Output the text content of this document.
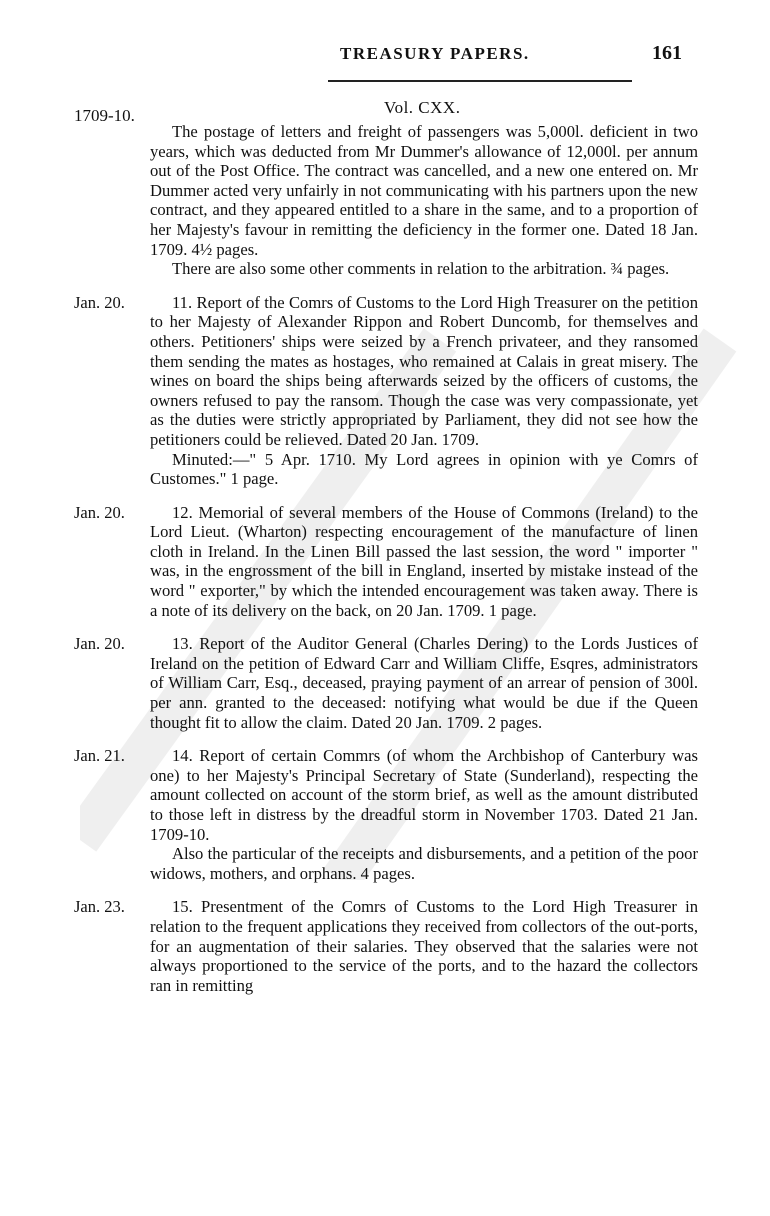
TREASURY PAPERS.	161
1709-10.	Vol. CXX.

The postage of letters and freight of passengers was 5,000l. deficient in two years, which was deducted from Mr Dummer's allowance of 12,000l. per annum out of the Post Office. The contract was cancelled, and a new one entered on. Mr Dummer acted very unfairly in not communicating with his partners upon the new contract, and they appeared entitled to a share in the same, and to a proportion of her Majesty's favour in remitting the deficiency in the former one. Dated 18 Jan. 1709. 4½ pages.

There are also some other comments in relation to the arbitration. ¾ pages.

Jan. 20.	11. Report of the Comrs of Customs to the Lord High Treasurer on the petition to her Majesty of Alexander Rippon and Robert Duncomb, for themselves and others. Petitioners' ships were seized by a French privateer, and they ransomed them sending the mates as hostages, who remained at Calais in great misery. The wines on board the ships being afterwards seized by the officers of customs, the owners refused to pay the ransom. Though the case was very compassionate, yet as the duties were strictly appropriated by Parliament, they did not see how the petitioners could be relieved. Dated 20 Jan. 1709.

Minuted:—" 5 Apr. 1710. My Lord agrees in opinion with ye Comrs of Customes." 1 page.

Jan. 20.	12. Memorial of several members of the House of Commons (Ireland) to the Lord Lieut. (Wharton) respecting encouragement of the manufacture of linen cloth in Ireland. In the Linen Bill passed the last session, the word " importer " was, in the engrossment of the bill in England, inserted by mistake instead of the word " exporter," by which the intended encouragement was taken away. There is a note of its delivery on the back, on 20 Jan. 1709. 1 page.

Jan. 20.	13. Report of the Auditor General (Charles Dering) to the Lords Justices of Ireland on the petition of Edward Carr and William Cliffe, Esqres, administrators of William Carr, Esq., deceased, praying payment of an arrear of pension of 300l. per ann. granted to the deceased: notifying what would be due if the Queen thought fit to allow the claim. Dated 20 Jan. 1709. 2 pages.

Jan. 21.	14. Report of certain Commrs (of whom the Archbishop of Canterbury was one) to her Majesty's Principal Secretary of State (Sunderland), respecting the amount collected on account of the storm brief, as well as the amount distributed to those left in distress by the dreadful storm in November 1703. Dated 21 Jan. 1709-10.

Also the particular of the receipts and disbursements, and a petition of the poor widows, mothers, and orphans. 4 pages.

Jan. 23.	15. Presentment of the Comrs of Customs to the Lord High Treasurer in relation to the frequent applications they received from collectors of the out-ports, for an augmentation of their salaries. They observed that the salaries were not always proportioned to the service of the ports, and to the hazard the collectors ran in remitting
